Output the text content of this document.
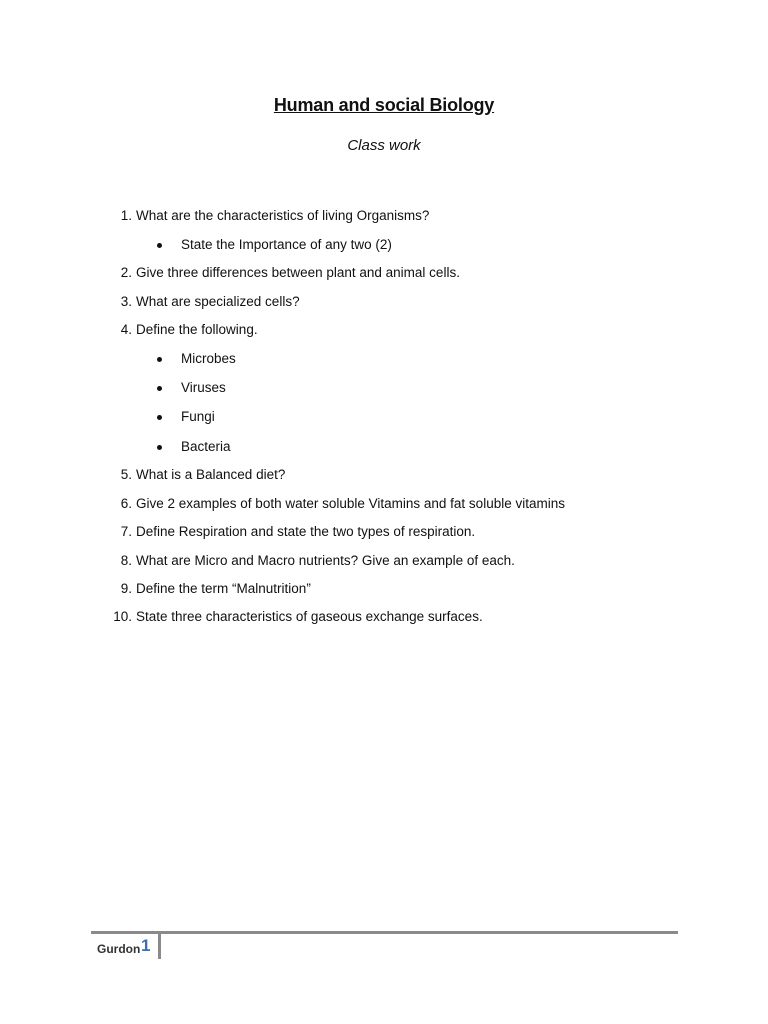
Human and social Biology
Class work
1. What are the characteristics of living Organisms?
State the Importance of any two (2)
2. Give three differences between plant and animal cells.
3. What are specialized cells?
4. Define the following.
Microbes
Viruses
Fungi
Bacteria
5. What is a Balanced diet?
6. Give 2 examples of both water soluble Vitamins and fat soluble vitamins
7. Define Respiration and state the two types of respiration.
8. What are Micro and Macro nutrients? Give an example of each.
9. Define the term “Malnutrition”
10. State three characteristics of gaseous exchange surfaces.
Gurdon 1
